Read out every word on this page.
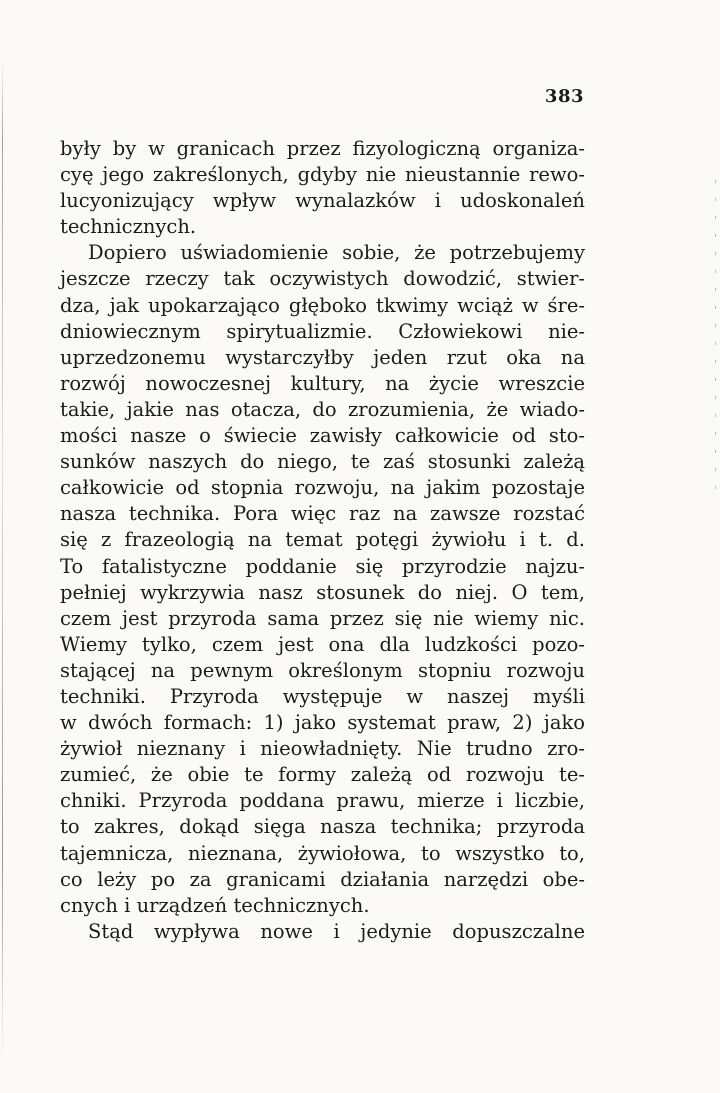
383
były by w granicach przez fizyologiczną organiza-
cyę jego zakreślonych, gdyby nie nieustannie rewo-
lucyonizujący wpływ wynalazków i udoskonaleń
technicznych.
Dopiero uświadomienie sobie, że potrzebujemy
jeszcze rzeczy tak oczywistych dowodzić, stwier-
dza, jak upokarzająco głęboko tkwimy wciąż w śre-
dniowiecznym spirytualizmie. Człowiekowi nie-
uprzedzonemu wystarczyłby jeden rzut oka na
rozwój nowoczesnej kultury, na życie wreszcie
takie, jakie nas otacza, do zrozumienia, że wiado-
mości nasze o świecie zawisły całkowicie od sto-
sunków naszych do niego, te zaś stosunki zależą
całkowicie od stopnia rozwoju, na jakim pozostaje
nasza technika. Pora więc raz na zawsze rozstać
się z frazeologią na temat potęgi żywiołu i t. d.
To fatalistyczne poddanie się przyrodzie najzu-
pełniej wykrzywia nasz stosunek do niej. O tem,
czem jest przyroda sama przez się nie wiemy nic.
Wiemy tylko, czem jest ona dla ludzkości pozo-
stającej na pewnym określonym stopniu rozwoju
techniki. Przyroda występuje w naszej myśli
w dwóch formach: 1) jako systemat praw, 2) jako
żywioł nieznany i nieowładnięty. Nie trudno zro-
zumieć, że obie te formy zależą od rozwoju te-
chniki. Przyroda poddana prawu, mierze i liczbie,
to zakres, dokąd sięga nasza technika; przyroda
tajemnicza, nieznana, żywiołowa, to wszystko to,
co leży po za granicami działania narzędzi obe-
cnych i urządzeń technicznych.
Stąd wypływa nowe i jedynie dopuszczalne
